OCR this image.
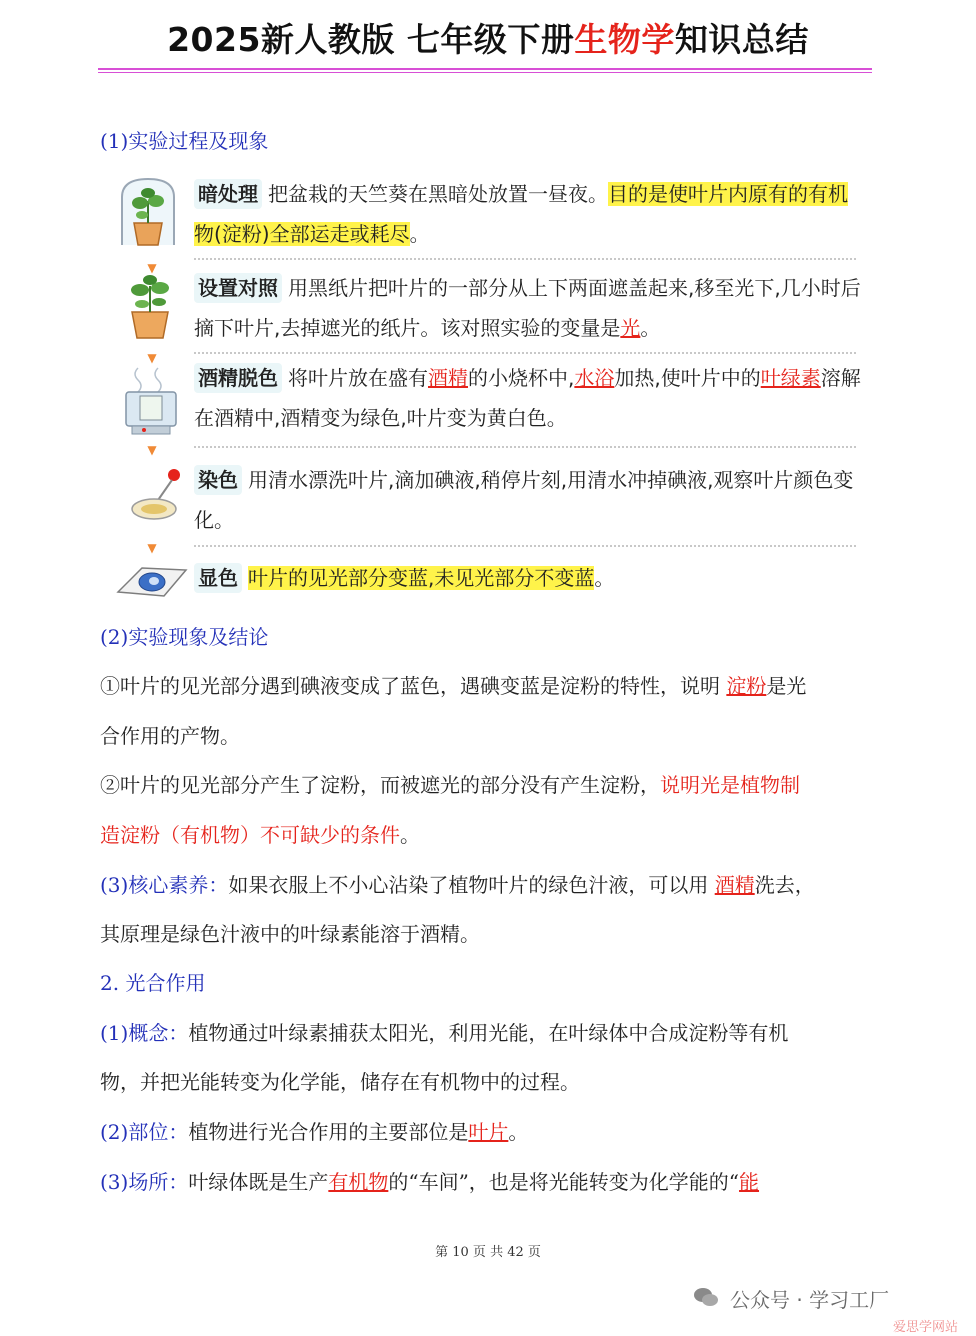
2025新人教版 七年级下册生物学知识总结
(1)实验过程及现象
▼
▼
▼
▼
暗处理 把盆栽的天竺葵在黑暗处放置一昼夜。目的是使叶片内原有的有机物(淀粉)全部运走或耗尽。
设置对照 用黑纸片把叶片的一部分从上下两面遮盖起来,移至光下,几小时后摘下叶片,去掉遮光的纸片。该对照实验的变量是光。
酒精脱色 将叶片放在盛有酒精的小烧杯中,水浴加热,使叶片中的叶绿素溶解在酒精中,酒精变为绿色,叶片变为黄白色。
染色 用清水漂洗叶片,滴加碘液,稍停片刻,用清水冲掉碘液,观察叶片颜色变化。
显色 叶片的见光部分变蓝,未见光部分不变蓝。
(2)实验现象及结论
①叶片的见光部分遇到碘液变成了蓝色，遇碘变蓝是淀粉的特性，说明 淀粉是光
合作用的产物。
②叶片的见光部分产生了淀粉，而被遮光的部分没有产生淀粉，说明光是植物制
造淀粉（有机物）不可缺少的条件。
(3)核心素养：如果衣服上不小心沾染了植物叶片的绿色汁液，可以用 酒精洗去，
其原理是绿色汁液中的叶绿素能溶于酒精。
2. 光合作用
(1)概念：植物通过叶绿素捕获太阳光，利用光能，在叶绿体中合成淀粉等有机
物，并把光能转变为化学能，储存在有机物中的过程。
(2)部位：植物进行光合作用的主要部位是叶片。
(3)场所：叶绿体既是生产有机物的“车间”，也是将光能转变为化学能的“能
第 10 页 共 42 页
公众号 · 学习工厂
爱思学网站
